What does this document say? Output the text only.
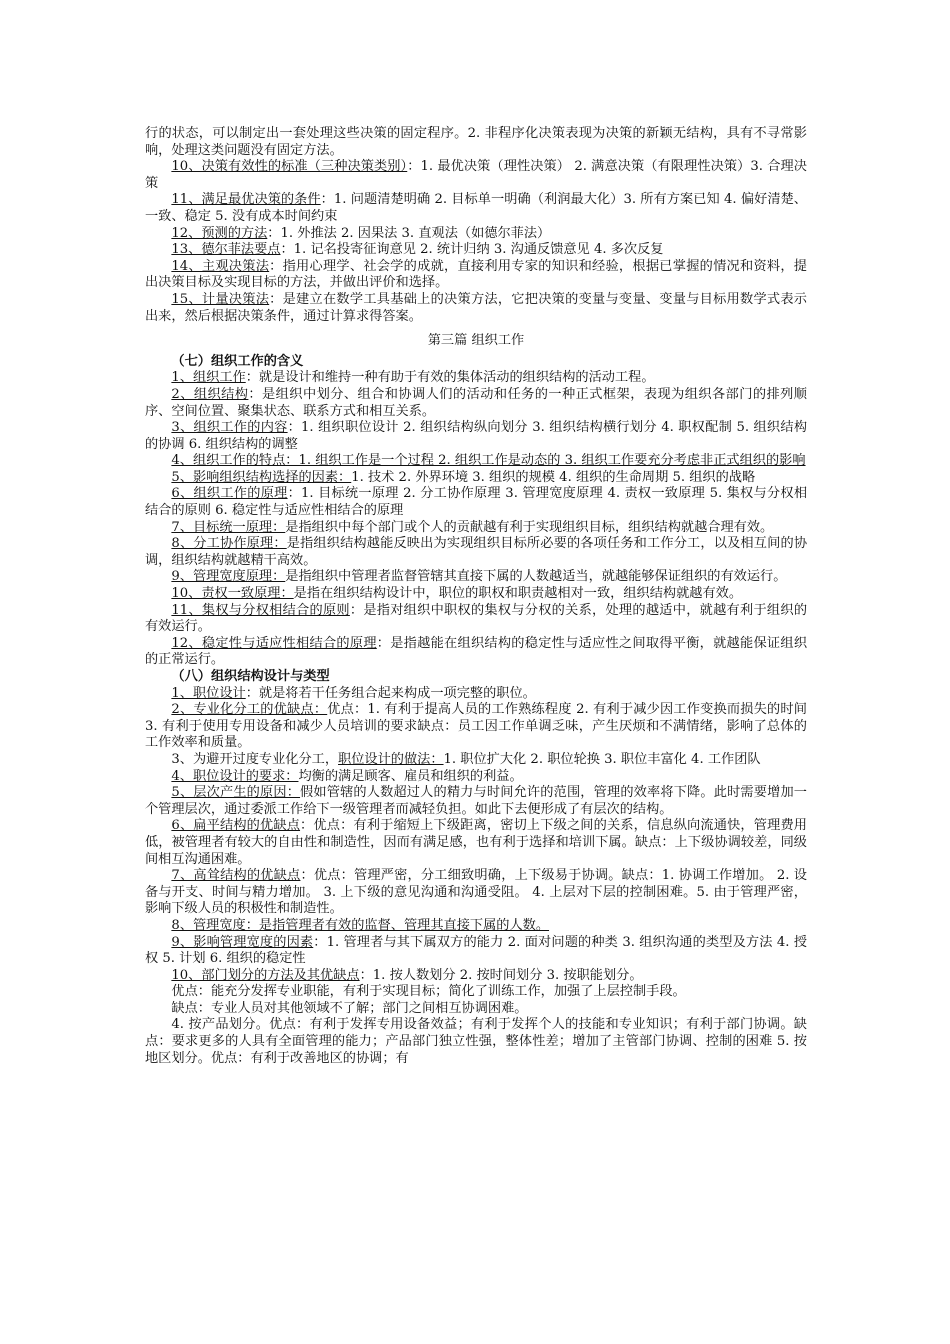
行的状态，可以制定出一套处理这些决策的固定程序。2. 非程序化决策表现为决策的新颖无结构，具有不寻常影响，处理这类问题没有固定方法。

10、决策有效性的标准（三种决策类别）：1. 最优决策（理性决策） 2. 满意决策（有限理性决策）3. 合理决策

11、满足最优决策的条件：1. 问题清楚明确 2. 目标单一明确（利润最大化）3. 所有方案已知 4. 偏好清楚、一致、稳定 5. 没有成本时间约束

12、预测的方法：1. 外推法 2. 因果法 3. 直观法（如德尔菲法）

13、德尔菲法要点：1. 记名投寄征询意见 2. 统计归纳 3. 沟通反馈意见 4. 多次反复

14、主观决策法：指用心理学、社会学的成就，直接利用专家的知识和经验，根据已掌握的情况和资料，提出决策目标及实现目标的方法，并做出评价和选择。

15、计量决策法：是建立在数学工具基础上的决策方法，它把决策的变量与变量、变量与目标用数学式表示出来，然后根据决策条件，通过计算求得答案。

第三篇 组织工作

（七）组织工作的含义

1、组织工作：就是设计和维持一种有助于有效的集体活动的组织结构的活动工程。

2、组织结构：是组织中划分、组合和协调人们的活动和任务的一种正式框架，表现为组织各部门的排列顺序、空间位置、聚集状态、联系方式和相互关系。

3、组织工作的内容：1. 组织职位设计 2. 组织结构纵向划分 3. 组织结构横行划分 4. 职权配制 5. 组织结构的协调 6. 组织结构的调整

4、组织工作的特点：1. 组织工作是一个过程 2. 组织工作是动态的 3. 组织工作要充分考虑非正式组织的影响

5、影响组织结构选择的因素：1. 技术 2. 外界环境 3. 组织的规模 4. 组织的生命周期 5. 组织的战略

6、组织工作的原理：1. 目标统一原理 2. 分工协作原理 3. 管理宽度原理 4. 责权一致原理 5. 集权与分权相结合的原则 6. 稳定性与适应性相结合的原理

7、目标统一原理：是指组织中每个部门或个人的贡献越有利于实现组织目标，组织结构就越合理有效。

8、分工协作原理：是指组织结构越能反映出为实现组织目标所必要的各项任务和工作分工，以及相互间的协调，组织结构就越精干高效。

9、管理宽度原理：是指组织中管理者监督管辖其直接下属的人数越适当，就越能够保证组织的有效运行。

10、责权一致原理：是指在组织结构设计中，职位的职权和职责越相对一致，组织结构就越有效。

11、集权与分权相结合的原则：是指对组织中职权的集权与分权的关系，处理的越适中，就越有利于组织的有效运行。

12、稳定性与适应性相结合的原理：是指越能在组织结构的稳定性与适应性之间取得平衡，就越能保证组织的正常运行。

（八）组织结构设计与类型

1、职位设计：就是将若干任务组合起来构成一项完整的职位。

2、专业化分工的优缺点：优点：1. 有利于提高人员的工作熟练程度 2. 有利于减少因工作变换而损失的时间 3. 有利于使用专用设备和减少人员培训的要求缺点：员工因工作单调乏味，产生厌烦和不满情绪，影响了总体的工作效率和质量。

3、为避开过度专业化分工，职位设计的做法：1. 职位扩大化 2. 职位轮换 3. 职位丰富化 4. 工作团队

4、职位设计的要求：均衡的满足顾客、雇员和组织的利益。

5、层次产生的原因：假如管辖的人数超过人的精力与时间允许的范围，管理的效率将下降。此时需要增加一个管理层次，通过委派工作给下一级管理者而减轻负担。如此下去便形成了有层次的结构。

6、扁平结构的优缺点：优点：有利于缩短上下级距离，密切上下级之间的关系，信息纵向流通快，管理费用低，被管理者有较大的自由性和制造性，因而有满足感，也有利于选择和培训下属。缺点：上下级协调较差，同级间相互沟通困难。

7、高耸结构的优缺点：优点：管理严密，分工细致明确，上下级易于协调。缺点：1. 协调工作增加。 2. 设备与开支、时间与精力增加。 3. 上下级的意见沟通和沟通受阻。 4. 上层对下层的控制困难。5. 由于管理严密，影响下级人员的积极性和制造性。

8、管理宽度：是指管理者有效的监督、管理其直接下属的人数。

9、影响管理宽度的因素：1. 管理者与其下属双方的能力 2. 面对问题的种类 3. 组织沟通的类型及方法 4. 授权 5. 计划 6. 组织的稳定性

10、部门划分的方法及其优缺点：1. 按人数划分 2. 按时间划分 3. 按职能划分。

优点：能充分发挥专业职能，有利于实现目标；简化了训练工作，加强了上层控制手段。

缺点：专业人员对其他领域不了解；部门之间相互协调困难。

4. 按产品划分。优点：有利于发挥专用设备效益；有利于发挥个人的技能和专业知识；有利于部门协调。缺点：要求更多的人具有全面管理的能力；产品部门独立性强，整体性差；增加了主管部门协调、控制的困难 5. 按地区划分。优点：有利于改善地区的协调；有
